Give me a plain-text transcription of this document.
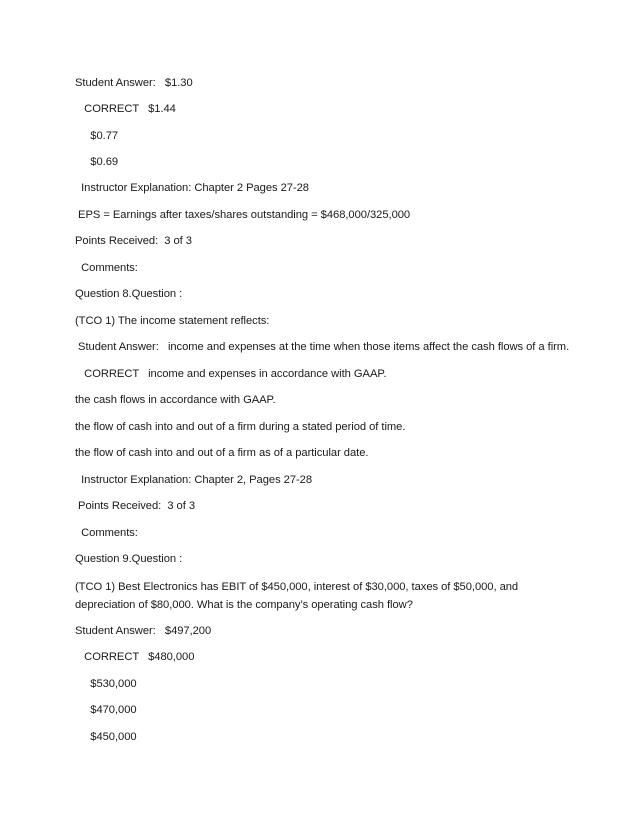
Student Answer:   $1.30
CORRECT   $1.44
$0.77
$0.69
Instructor Explanation: Chapter 2 Pages 27-28
EPS = Earnings after taxes/shares outstanding = $468,000/325,000
Points Received:  3 of 3
Comments:
Question 8.Question :
(TCO 1) The income statement reflects:
Student Answer:   income and expenses at the time when those items affect the cash flows of a firm.
CORRECT   income and expenses in accordance with GAAP.
the cash flows in accordance with GAAP.
the flow of cash into and out of a firm during a stated period of time.
the flow of cash into and out of a firm as of a particular date.
Instructor Explanation: Chapter 2, Pages 27-28
Points Received:  3 of 3
Comments:
Question 9.Question :
(TCO 1) Best Electronics has EBIT of $450,000, interest of $30,000, taxes of $50,000, and depreciation of $80,000. What is the company’s operating cash flow?
Student Answer:   $497,200
CORRECT   $480,000
$530,000
$470,000
$450,000
